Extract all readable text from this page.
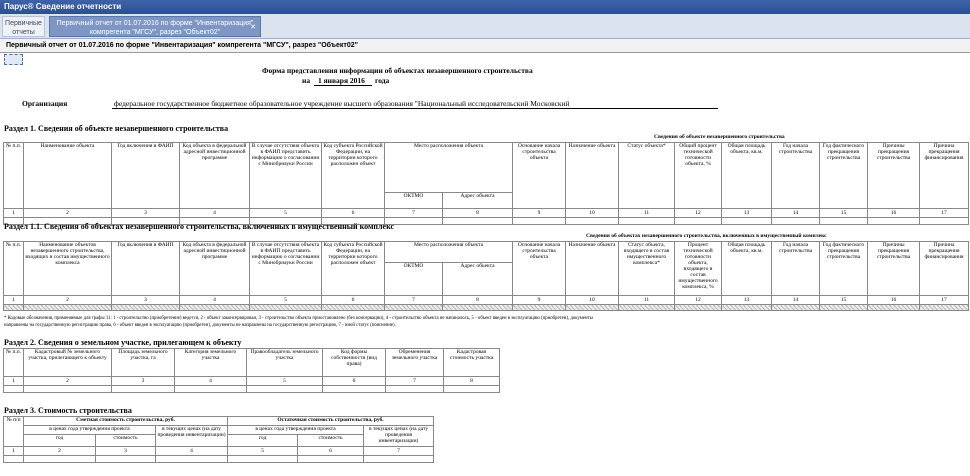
Парус® Сведение отчетности
Первичные отчеты
Первичный отчет от 01.07.2016 по форме "Инвентаризация" компрегента "МГСУ", разрез "Объект02"
✕
Первичный отчет от 01.07.2016 по форме "Инвентаризация" компрегента "МГСУ", разрез "Объект02"
Форма представления информации об объектах незавершенного строительства
на 1 января 2016 года
Организация	федеральное государственное бюджетное образовательное учреждение высшего образования "Национальный исследовательский Московский
Раздел 1. Сведения об объекте незавершенного строительства
Сведения об объекте незавершенного строительства
№ п.п.	Наименование объекта	Год включения в ФАИП	Код объекта в федеральной адресной инвестиционной программе	В случае отсутствия объекта в ФАИП представить информацию о согласовании с Минобрнауки России	Код субъекта Российской Федерации, на территории которого расположен объект	Место расположения объекта		Основание начала строительства объекта	Назначение объекта	Статус объекта*	Общий процент технической готовности объекта, %	Общая площадь объекта, кв.м.	Год начала строительства	Год фактического прекращения строительства	Причины прекращения строительства	Причина прекращения финансирования
						ОКТМО	Адрес объекта									
1	2	3	4	5	6	7	8	9	10	11	12	13	14	15	16	17

Раздел 1.1. Сведения об объектах незавершенного строительства, включенных в имущественный комплекс
Сведения об объектах незавершенного строительства, включенных в имущественный комплекс
№ п.п.	Наименование объектов незавершенного строительства, входящих в состав имущественного комплекса	Год включения в ФАИП	Код объекта в федеральной адресной инвестиционной программе	В случае отсутствия объекта в ФАИП представить информацию о согласовании с Минобрнауки России	Код субъекта Российской Федерации, на территории которого расположен объект	Место расположения объекта		Основание начала строительства объекта	Назначение объекта	Статус объекта, входящего в состав имущественного комплекса*	Процент технической готовности объекта, входящего в состав имущественного комплекса, %	Общая площадь объекта, кв.м.	Год начала строительства	Год фактического прекращения строительства	Причины прекращения строительства	Причина прекращения финансирования
						ОКТМО	Адрес объекта									
1	2	3	4	5	6	7	8	9	10	11	12	13	14	15	16	17

* Кодовые обозначения, применяемые для графы 11: 1 - строительство (приобретение) ведется, 2 - объект законсервирован, 3 - строительство объекта приостановлено (без консервации), 4 - строительство объекта не начиналось, 5 - объект введен в эксплуатацию (приобретен), документы
направлены на государственную регистрацию права, 6 - объект введен в эксплуатацию (приобретен), документы не направлены на государственную регистрацию, 7 - иной статус (пояснение).
Раздел 2. Сведения о земельном участке, прилегающем к объекту
№ п.п.	Кадастровый № земельного участка, прилегающего к объекту	Площадь земельного участка, га	Категория земельного участка	Правообладатель земельного участка	Код формы собственности (вид права)	Обременения земельного участка	Кадастровая стоимость участка
1	2	3	4	5	6	7	8

Раздел 3. Стоимость строительства
№ п/п	Сметная стоимость строительства, руб.			Остаточная стоимость строительства, руб.		
	в ценах года утверждения проекта		в текущих ценах (на дату проведения инвентаризации)	в ценах года утверждения проекта		в текущих ценах (на дату проведения инвентаризации)
	год	стоимость		год	стоимость	
1	2	3	4	5	6	7
